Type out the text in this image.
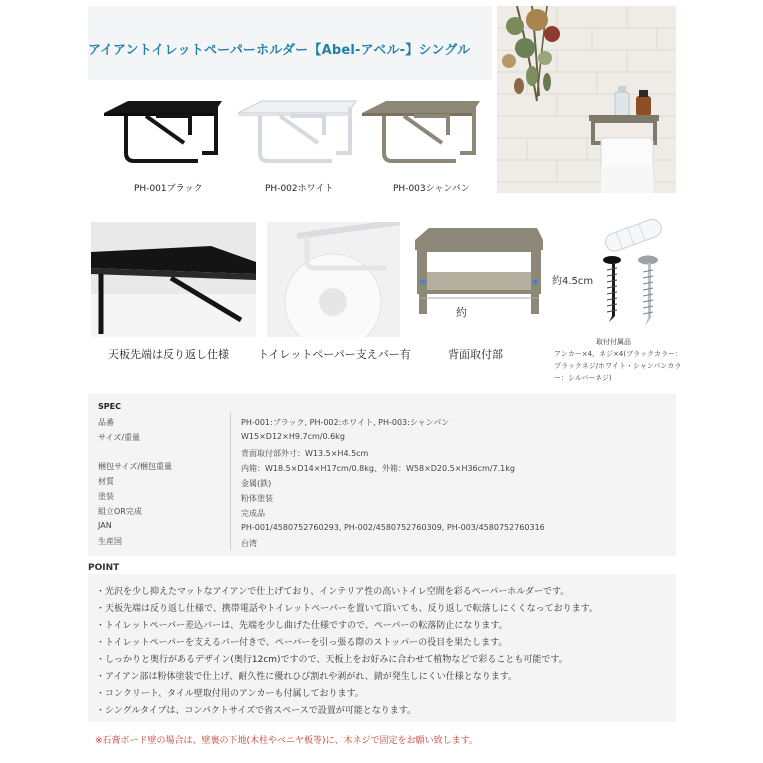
アイアントイレットペーパーホルダー【Abel-アベル-】シングル
PH-001ブラック	PH-002ホワイト	PH-003シャンパン
天板先端は反り返し仕様	トイレットペーパー支えバー有	背面取付部
約4.5cm
約
取付付属品
アンカー×4、ネジ×4(ブラックカラー：ブラックネジ/ホワイト・シャンパンカラー：シルバーネジ)
SPEC
品番	PH-001:ブラック, PH-002:ホワイト, PH-003:シャンパン
サイズ/重量	W15×D12×H9.7cm/0.6kg
背面取付部外寸：W13.5×H4.5cm
梱包サイズ/梱包重量	内箱：W18.5×D14×H17cm/0.8kg、外箱：W58×D20.5×H36cm/7.1kg
材質	金属(鉄)
塗装	粉体塗装
組立OR完成	完成品
JAN	PH-001/4580752760293, PH-002/4580752760309, PH-003/4580752760316
生産国	台湾
POINT
・光沢を少し抑えたマットなアイアンで仕上げており、インテリア性の高いトイレ空間を彩るペーパーホルダーです。
・天板先端は反り返し仕様で、携帯電話やトイレットペーパーを置いて頂いても、反り返しで転落しにくくなっております。
・トイレットペーパー差込バーは、先端を少し曲げた仕様ですので、ペーパーの転落防止になります。
・トイレットペーパーを支えるバー付きで、ペーパーを引っ張る際のストッパーの役目を果たします。
・しっかりと奥行があるデザイン(奥行12cm)ですので、天板上をお好みに合わせて植物などで彩ることも可能です。
・アイアン部は粉体塗装で仕上げ、耐久性に優れひび割れや剥がれ、錆が発生しにくい仕様となります。
・コンクリート、タイル壁取付用のアンカーも付属しております。
・シングルタイプは、コンパクトサイズで省スペースで設置が可能となります。
※石膏ボード壁の場合は、壁裏の下地(木柱やベニヤ板等)に、木ネジで固定をお願い致します。
